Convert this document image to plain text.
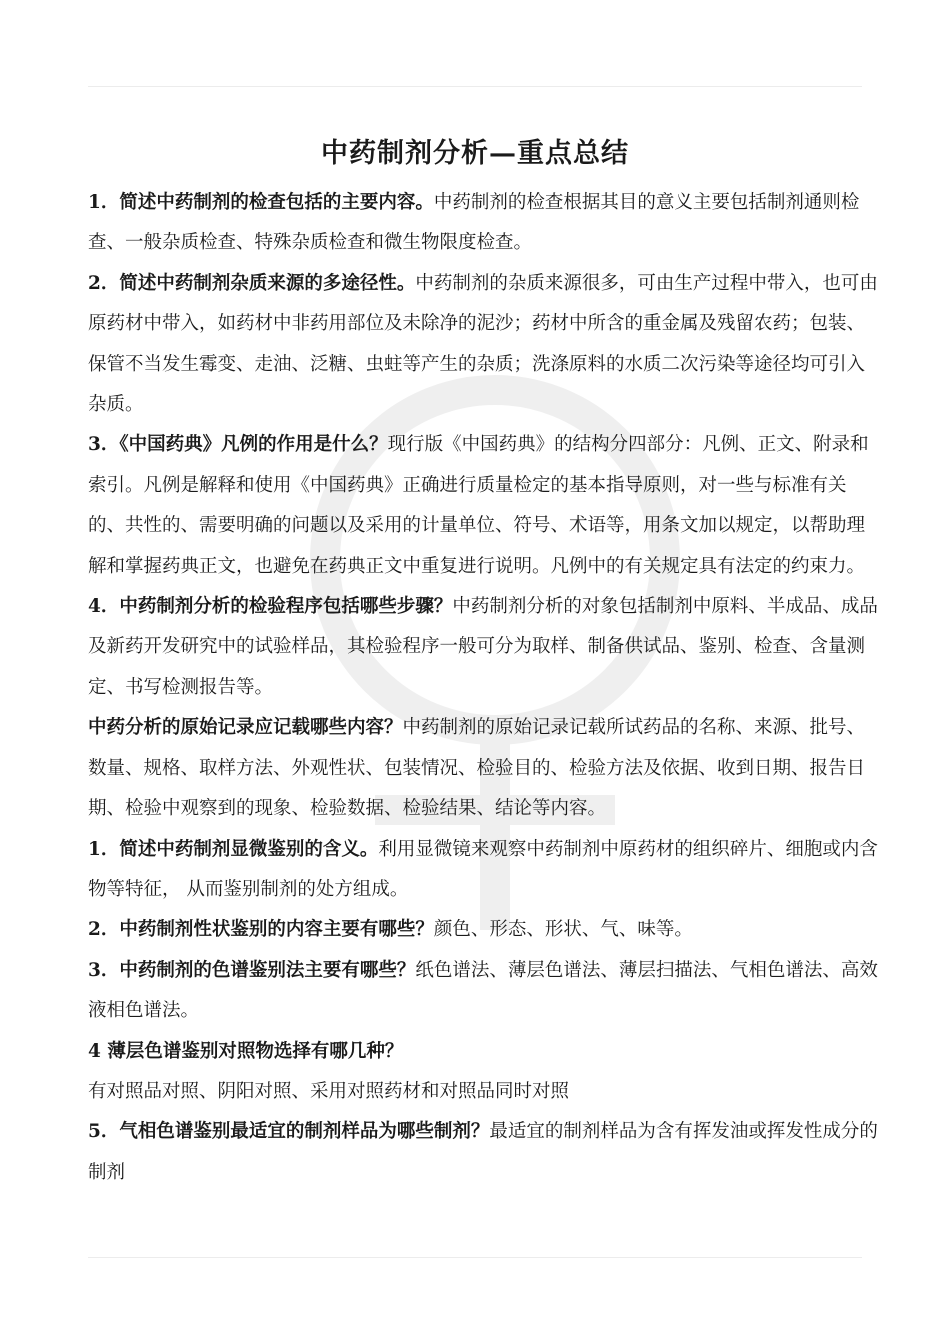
中药制剂分析—重点总结

1．简述中药制剂的检查包括的主要内容。中药制剂的检查根据其目的意义主要包括制剂通则检查、一般杂质检查、特殊杂质检查和微生物限度检查。

2．简述中药制剂杂质来源的多途径性。中药制剂的杂质来源很多，可由生产过程中带入，也可由原药材中带入，如药材中非药用部位及未除净的泥沙；药材中所含的重金属及残留农药；包装、保管不当发生霉变、走油、泛糖、虫蛀等产生的杂质；洗涤原料的水质二次污染等途径均可引入杂质。

3．《中国药典》凡例的作用是什么？现行版《中国药典》的结构分四部分：凡例、正文、附录和索引。凡例是解释和使用《中国药典》正确进行质量检定的基本指导原则，对一些与标准有关的、共性的、需要明确的问题以及采用的计量单位、符号、术语等，用条文加以规定，以帮助理解和掌握药典正文，也避免在药典正文中重复进行说明。凡例中的有关规定具有法定的约束力。

4．中药制剂分析的检验程序包括哪些步骤？中药制剂分析的对象包括制剂中原料、半成品、成品及新药开发研究中的试验样品，其检验程序一般可分为取样、制备供试品、鉴别、检查、含量测定、书写检测报告等。

中药分析的原始记录应记载哪些内容？中药制剂的原始记录记载所试药品的名称、来源、批号、数量、规格、取样方法、外观性状、包装情况、检验目的、检验方法及依据、收到日期、报告日期、检验中观察到的现象、检验数据、检验结果、结论等内容。

1．简述中药制剂显微鉴别的含义。利用显微镜来观察中药制剂中原药材的组织碎片、细胞或内含物等特征， 从而鉴别制剂的处方组成。

2．中药制剂性状鉴别的内容主要有哪些？颜色、形态、形状、气、味等。

3．中药制剂的色谱鉴别法主要有哪些？纸色谱法、薄层色谱法、薄层扫描法、气相色谱法、高效液相色谱法。

4 薄层色谱鉴别对照物选择有哪几种？

有对照品对照、阴阳对照、采用对照药材和对照品同时对照

5．气相色谱鉴别最适宜的制剂样品为哪些制剂？最适宜的制剂样品为含有挥发油或挥发性成分的制剂
